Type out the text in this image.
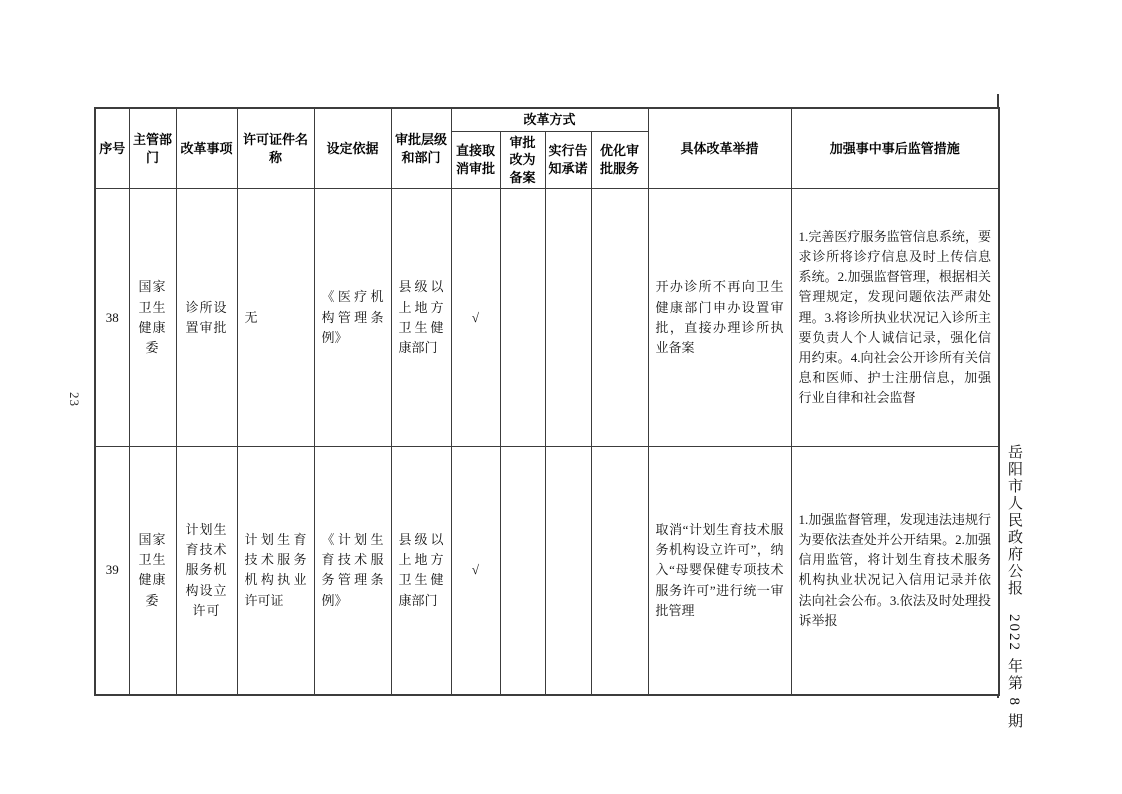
23
岳阳市人民政府公报　2022 年第 8 期
序号	主管部门	改革事项	许可证件名称	设定依据	审批层级和部门	改革方式				具体改革举措	加强事中事后监管措施
						直接取消审批	审批改为备案	实行告知承诺	优化审批服务		
38	国家卫生健康委	诊所设置审批	无	《医疗机构管理条例》	县级以上地方卫生健康部门	√				开办诊所不再向卫生健康部门申办设置审批，直接办理诊所执业备案	1.完善医疗服务监管信息系统，要求诊所将诊疗信息及时上传信息系统。2.加强监督管理，根据相关管理规定，发现问题依法严肃处理。3.将诊所执业状况记入诊所主要负责人个人诚信记录，强化信用约束。4.向社会公开诊所有关信息和医师、护士注册信息，加强行业自律和社会监督
39	国家卫生健康委	计划生育技术服务机构设立许可	计划生育技术服务机构执业许可证	《计划生育技术服务管理条例》	县级以上地方卫生健康部门	√				取消“计划生育技术服务机构设立许可”，纳入“母婴保健专项技术服务许可”进行统一审批管理	1.加强监督管理，发现违法违规行为要依法查处并公开结果。2.加强信用监管，将计划生育技术服务机构执业状况记入信用记录并依法向社会公布。3.依法及时处理投诉举报
